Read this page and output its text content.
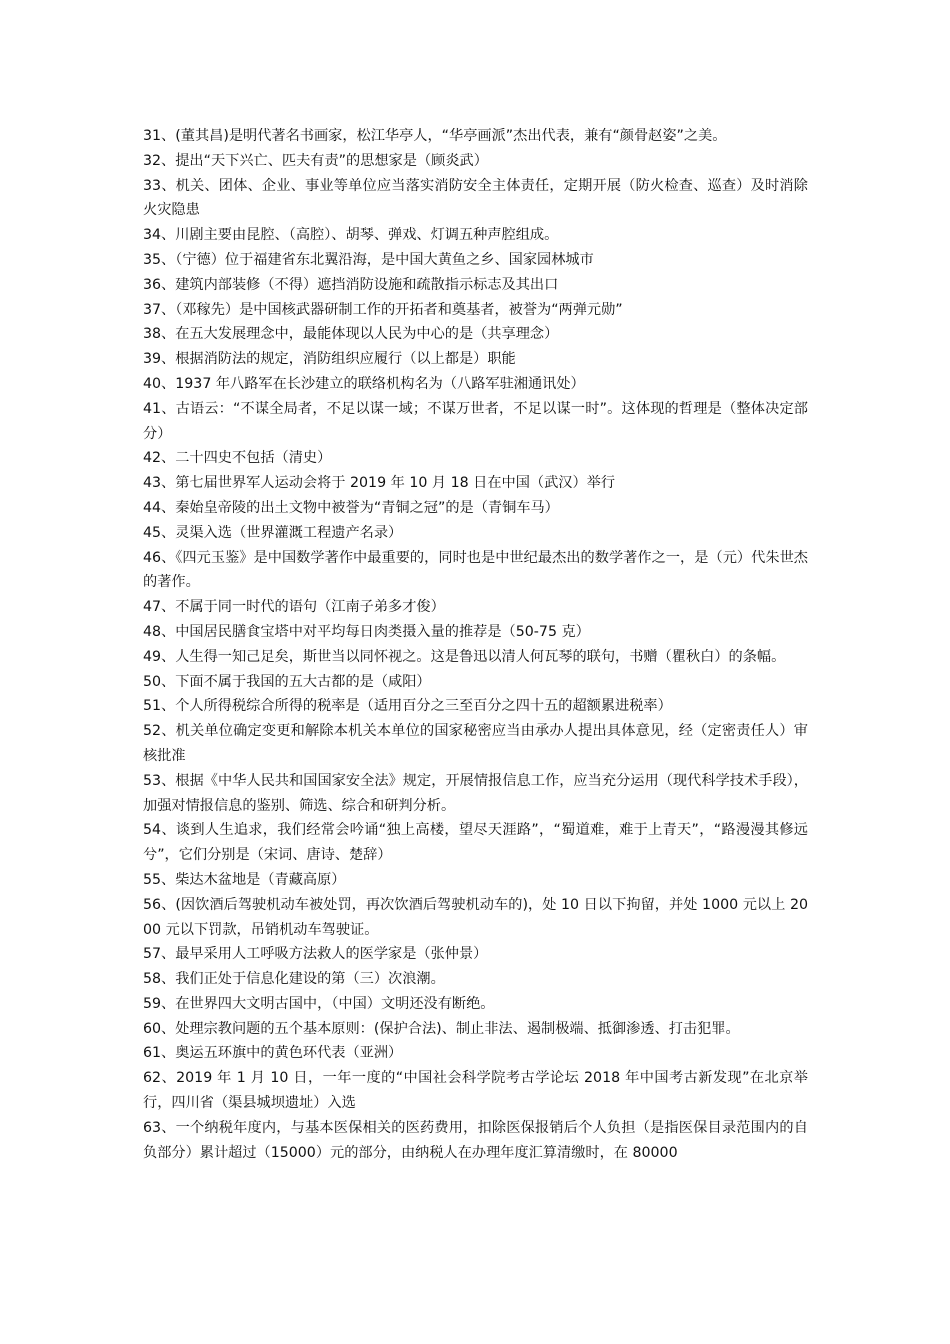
31、(董其昌)是明代著名书画家，松江华亭人，“华亭画派”杰出代表，兼有“颜骨赵姿”之美。

32、提出“天下兴亡、匹夫有责”的思想家是（顾炎武）

33、机关、团体、企业、事业等单位应当落实消防安全主体责任，定期开展（防火检查、巡查）及时消除火灾隐患

34、川剧主要由昆腔、（高腔）、胡琴、弹戏、灯调五种声腔组成。

35、（宁德）位于福建省东北翼沿海，是中国大黄鱼之乡、国家园林城市

36、建筑内部装修（不得）遮挡消防设施和疏散指示标志及其出口

37、（邓稼先）是中国核武器研制工作的开拓者和奠基者，被誉为“两弹元勋”

38、在五大发展理念中，最能体现以人民为中心的是（共享理念）

39、根据消防法的规定，消防组织应履行（以上都是）职能

40、1937 年八路军在长沙建立的联络机构名为（八路军驻湘通讯处）

41、古语云：“不谋全局者，不足以谋一域；不谋万世者，不足以谋一时”。这体现的哲理是（整体决定部分）

42、二十四史不包括（清史）

43、第七届世界军人运动会将于 2019 年 10 月 18 日在中国（武汉）举行

44、秦始皇帝陵的出土文物中被誉为“青铜之冠”的是（青铜车马）

45、灵渠入选（世界灌溉工程遗产名录）

46、《四元玉鉴》是中国数学著作中最重要的，同时也是中世纪最杰出的数学著作之一，是（元）代朱世杰的著作。

47、不属于同一时代的语句（江南子弟多才俊）

48、中国居民膳食宝塔中对平均每日肉类摄入量的推荐是（50-75 克）

49、人生得一知己足矣，斯世当以同怀视之。这是鲁迅以清人何瓦琴的联句，书赠（瞿秋白）的条幅。

50、下面不属于我国的五大古都的是（咸阳）

51、个人所得税综合所得的税率是（适用百分之三至百分之四十五的超额累进税率）

52、机关单位确定变更和解除本机关本单位的国家秘密应当由承办人提出具体意见，经（定密责任人）审核批准

53、根据《中华人民共和国国家安全法》规定，开展情报信息工作，应当充分运用（现代科学技术手段），加强对情报信息的鉴别、筛选、综合和研判分析。

54、谈到人生追求，我们经常会吟诵“独上高楼，望尽天涯路”，“蜀道难，难于上青天”，“路漫漫其修远兮”，它们分别是（宋词、唐诗、楚辞）

55、柴达木盆地是（青藏高原）

56、(因饮酒后驾驶机动车被处罚，再次饮酒后驾驶机动车的)，处 10 日以下拘留，并处 1000 元以上 2000 元以下罚款，吊销机动车驾驶证。

57、最早采用人工呼吸方法救人的医学家是（张仲景）

58、我们正处于信息化建设的第（三）次浪潮。

59、在世界四大文明古国中，（中国）文明还没有断绝。

60、处理宗教问题的五个基本原则：(保护合法)、制止非法、遏制极端、抵御渗透、打击犯罪。

61、奥运五环旗中的黄色环代表（亚洲）

62、2019 年 1 月 10 日，一年一度的“中国社会科学院考古学论坛 2018 年中国考古新发现”在北京举行，四川省（渠县城坝遗址）入选

63、一个纳税年度内，与基本医保相关的医药费用，扣除医保报销后个人负担（是指医保目录范围内的自负部分）累计超过（15000）元的部分，由纳税人在办理年度汇算清缴时，在 80000
